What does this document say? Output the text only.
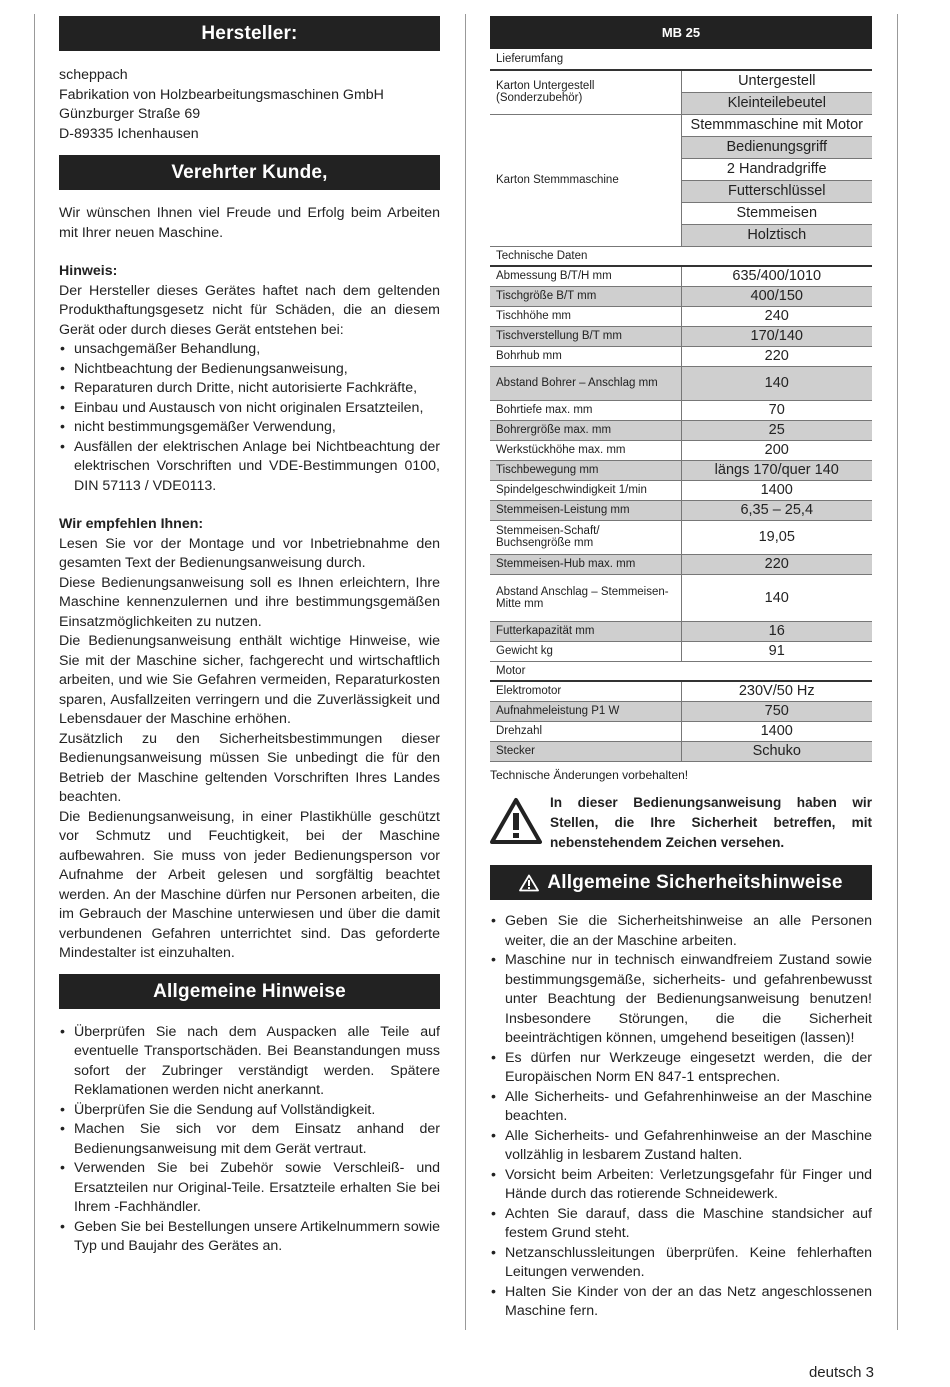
Hersteller:

scheppach

Fabrikation von Holzbearbeitungsmaschinen GmbH

Günzburger Straße 69

D-89335 Ichenhausen

Verehrter Kunde,

Wir wünschen Ihnen viel Freude und Erfolg beim Arbeiten mit Ihrer neuen Maschine.

Hinweis:

Der Hersteller dieses Gerätes haftet nach dem geltenden Produkthaftungsgesetz nicht für Schäden, die an diesem Gerät oder durch dieses Gerät entstehen bei:

• unsachgemäßer Behandlung,
• Nichtbeachtung der Bedienungsanweisung,
• Reparaturen durch Dritte, nicht autorisierte Fachkräfte,
• Einbau und Austausch von nicht originalen Ersatzteilen,
• nicht bestimmungsgemäßer Verwendung,
• Ausfällen der elektrischen Anlage bei Nichtbeachtung der elektrischen Vorschriften und VDE-Bestimmungen 0100, DIN 57113 / VDE0113.

Wir empfehlen Ihnen:

Lesen Sie vor der Montage und vor Inbetriebnahme den gesamten Text der Bedienungsanweisung durch.

Diese Bedienungsanweisung soll es Ihnen erleichtern, Ihre Maschine kennenzulernen und ihre bestimmungsgemäßen Einsatzmöglichkeiten zu nutzen.

Die Bedienungsanweisung enthält wichtige Hinweise, wie Sie mit der Maschine sicher, fachgerecht und wirtschaftlich arbeiten, und wie Sie Gefahren vermeiden, Reparaturkosten sparen, Ausfallzeiten verringern und die Zuverlässigkeit und Lebensdauer der Maschine erhöhen.

Zusätzlich zu den Sicherheitsbestimmungen dieser Bedienungsanweisung müssen Sie unbedingt die für den Betrieb der Maschine geltenden Vorschriften Ihres Landes beachten.

Die Bedienungsanweisung, in einer Plastikhülle geschützt vor Schmutz und Feuchtigkeit, bei der Maschine aufbewahren. Sie muss von jeder Bedienungsperson vor Aufnahme der Arbeit gelesen und sorgfältig beachtet werden. An der Maschine dürfen nur Personen arbeiten, die im Gebrauch der Maschine unterwiesen und über die damit verbundenen Gefahren unterrichtet sind. Das geforderte Mindestalter ist einzuhalten.

Allgemeine Hinweise
• Überprüfen Sie nach dem Auspacken alle Teile auf eventuelle Transportschäden. Bei Beanstandungen muss sofort der Zubringer verständigt werden. Spätere Reklamationen werden nicht anerkannt.
• Überprüfen Sie die Sendung auf Vollständigkeit.
• Machen Sie sich vor dem Einsatz anhand der Bedienungsanweisung mit dem Gerät vertraut.
• Verwenden Sie bei Zubehör sowie Verschleiß- und Ersatzteilen nur Original-Teile. Ersatzteile erhalten Sie bei Ihrem -Fachhändler.
• Geben Sie bei Bestellungen unsere Artikelnummern sowie Typ und Baujahr des Gerätes an.
MB 25
Lieferumfang	
Karton Untergestell (Sonderzubehör)	Untergestell
	Kleinteilebeutel
Karton Stemmmaschine	Stemmmaschine mit Motor
	Bedienungsgriff
	2 Handradgriffe
	Futterschlüssel
	Stemmeisen
	Holztisch
Technische Daten	
Abmessung B/T/H mm	635/400/1010
Tischgröße B/T mm	400/150
Tischhöhe mm	240
Tischverstellung B/T mm	170/140
Bohrhub mm	220
Abstand Bohrer – Anschlag mm	140
Bohrtiefe max. mm	70
Bohrergröße max. mm	25
Werkstückhöhe max. mm	200
Tischbewegung mm	längs 170/quer 140
Spindelgeschwindigkeit 1/min	1400
Stemmeisen-Leistung mm	6,35 – 25,4
Stemmeisen-Schaft/ Buchsengröße mm	19,05
Stemmeisen-Hub max. mm	220
Abstand Anschlag – Stemmeisen-Mitte mm	140
Futterkapazität mm	16
Gewicht kg	91
Motor	
Elektromotor	230V/50 Hz
Aufnahmeleistung P1 W	750
Drehzahl	1400
Stecker	Schuko

Technische Änderungen vorbehalten!

In dieser Bedienungsanweisung haben wir Stellen, die Ihre Sicherheit betreffen, mit nebenstehendem Zeichen versehen.

Allgemeine Sicherheitshinweise
• Geben Sie die Sicherheitshinweise an alle Personen weiter, die an der Maschine arbeiten.
• Maschine nur in technisch einwandfreiem Zustand sowie bestimmungsgemäße, sicherheits- und gefahrenbewusst unter Beachtung der Bedienungsanweisung benutzen! Insbesondere Störungen, die die Sicherheit beeinträchtigen können, umgehend beseitigen (lassen)!
• Es dürfen nur Werkzeuge eingesetzt werden, die der Europäischen Norm EN 847-1 entsprechen.
• Alle Sicherheits- und Gefahrenhinweise an der Maschine beachten.
• Alle Sicherheits- und Gefahrenhinweise an der Maschine vollzählig in lesbarem Zustand halten.
• Vorsicht beim Arbeiten: Verletzungsgefahr für Finger und Hände durch das rotierende Schneidewerk.
• Achten Sie darauf, dass die Maschine standsicher auf festem Grund steht.
• Netzanschlussleitungen überprüfen. Keine fehlerhaften Leitungen verwenden.
• Halten Sie Kinder von der an das Netz angeschlossenen Maschine fern.
deutsch 3
